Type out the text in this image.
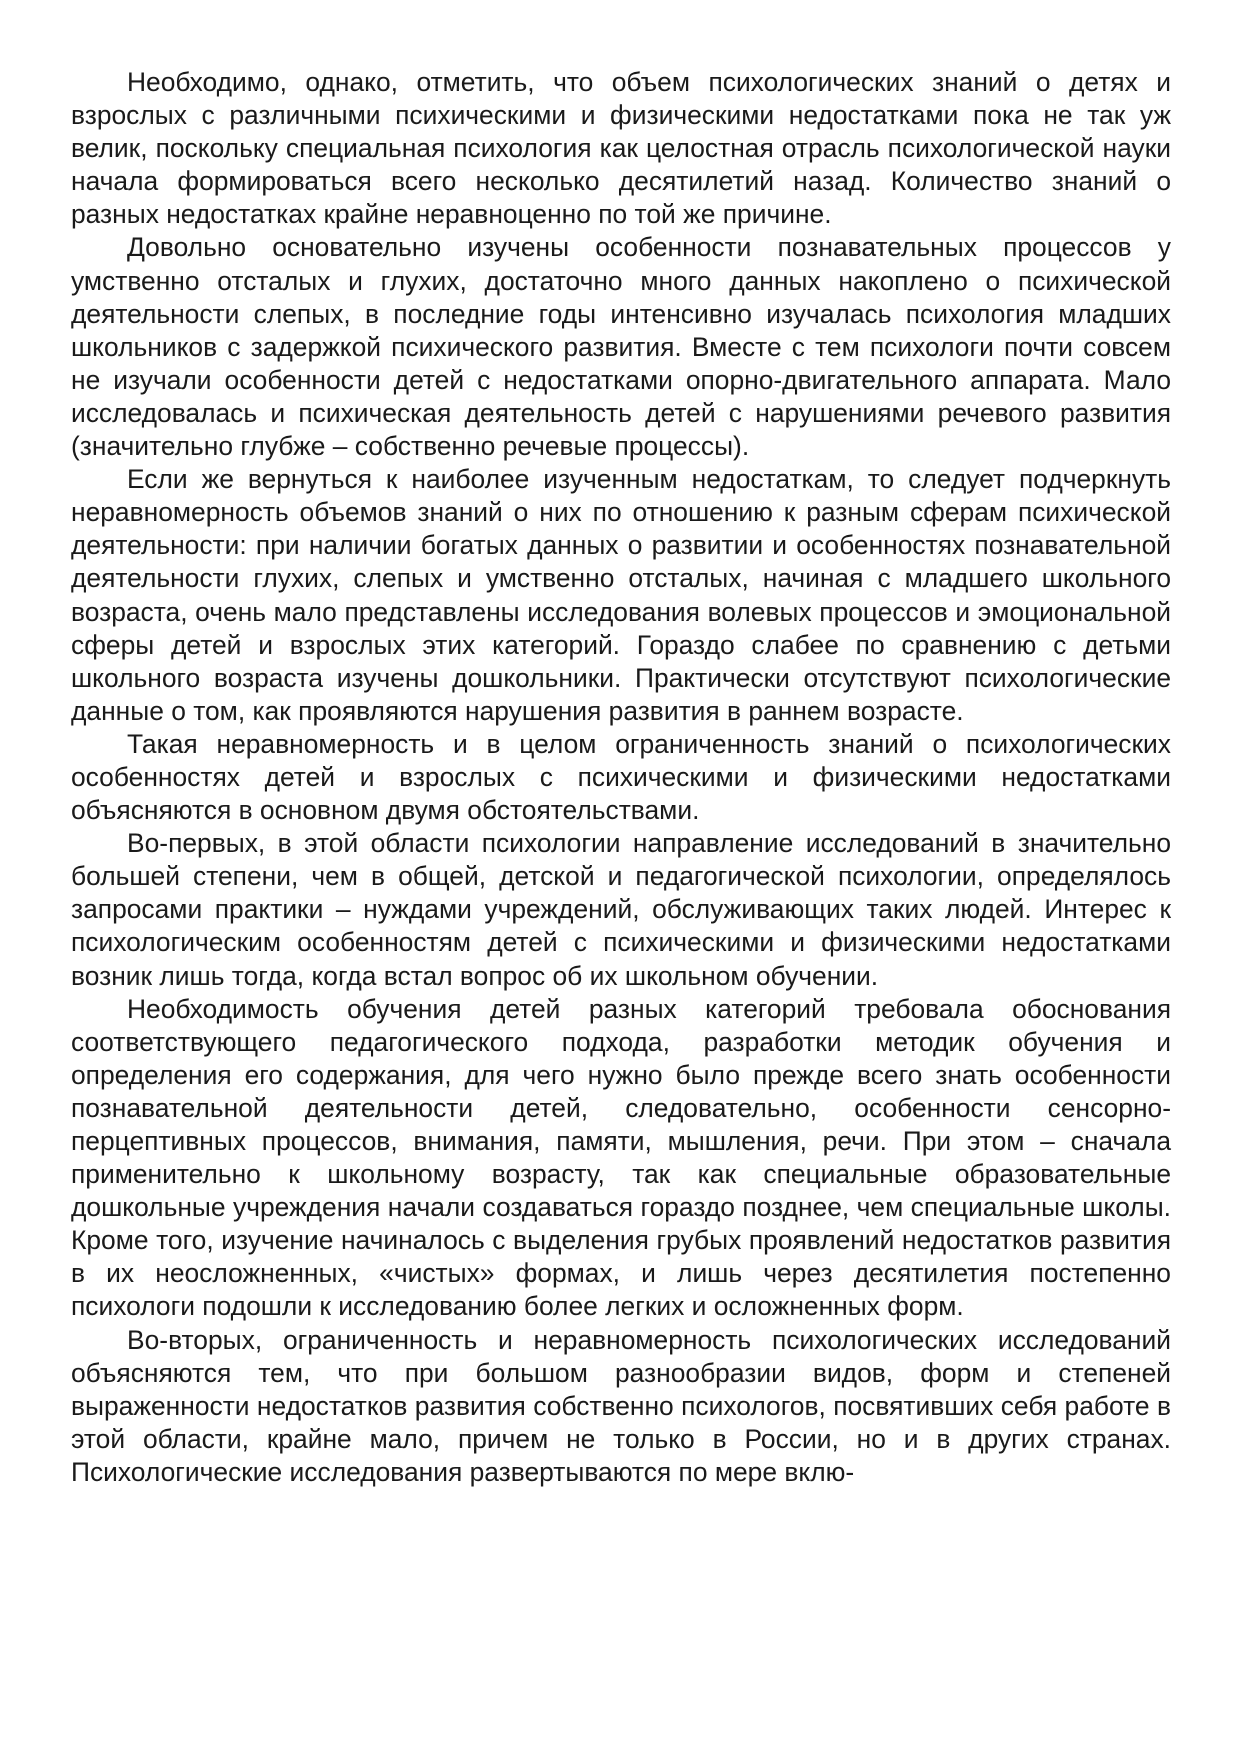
Необходимо, однако, отметить, что объем психологических знаний о детях и взрослых с различными психическими и физическими недостатками пока не так уж велик, поскольку специальная психология как целостная отрасль психологической науки начала формироваться всего несколько десятилетий назад. Количество знаний о разных недостатках крайне неравноценно по той же причине.

Довольно основательно изучены особенности познавательных процессов у умственно отсталых и глухих, достаточно много данных накоплено о психической деятельности слепых, в последние годы интенсивно изучалась психология младших школьников с задержкой психического развития. Вместе с тем психологи почти совсем не изучали особенности детей с недостатками опорно-двигательного аппарата. Мало исследовалась и психическая деятельность детей с нарушениями речевого развития (значительно глубже – собственно речевые процессы).

Если же вернуться к наиболее изученным недостаткам, то следует подчеркнуть неравномерность объемов знаний о них по отношению к разным сферам психической деятельности: при наличии богатых данных о развитии и особенностях познавательной деятельности глухих, слепых и умственно отсталых, начиная с младшего школьного возраста, очень мало представлены исследования волевых процессов и эмоциональной сферы детей и взрослых этих категорий. Гораздо слабее по сравнению с детьми школьного возраста изучены дошкольники. Практически отсутствуют психологические данные о том, как проявляются нарушения развития в раннем возрасте.

Такая неравномерность и в целом ограниченность знаний о психологических особенностях детей и взрослых с психическими и физическими недостатками объясняются в основном двумя обстоятельствами.

Во-первых, в этой области психологии направление исследований в значительно большей степени, чем в общей, детской и педагогической психологии, определялось запросами практики – нуждами учреждений, обслуживающих таких людей. Интерес к психологическим особенностям детей с психическими и физическими недостатками возник лишь тогда, когда встал вопрос об их школьном обучении.

Необходимость обучения детей разных категорий требовала обоснования соответствующего педагогического подхода, разработки методик обучения и определения его содержания, для чего нужно было прежде всего знать особенности познавательной деятельности детей, следовательно, особенности сенсорно-перцептивных процессов, внимания, памяти, мышления, речи. При этом – сначала применительно к школьному возрасту, так как специальные образовательные дошкольные учреждения начали создаваться гораздо позднее, чем специальные школы. Кроме того, изучение начиналось с выделения грубых проявлений недостатков развития в их неосложненных, «чистых» формах, и лишь через десятилетия постепенно психологи подошли к исследованию более легких и осложненных форм.

Во-вторых, ограниченность и неравномерность психологических исследований объясняются тем, что при большом разнообразии видов, форм и степеней выраженности недостатков развития собственно психологов, посвятивших себя работе в этой области, крайне мало, причем не только в России, но и в других странах. Психологические исследования развертываются по мере вклю-
